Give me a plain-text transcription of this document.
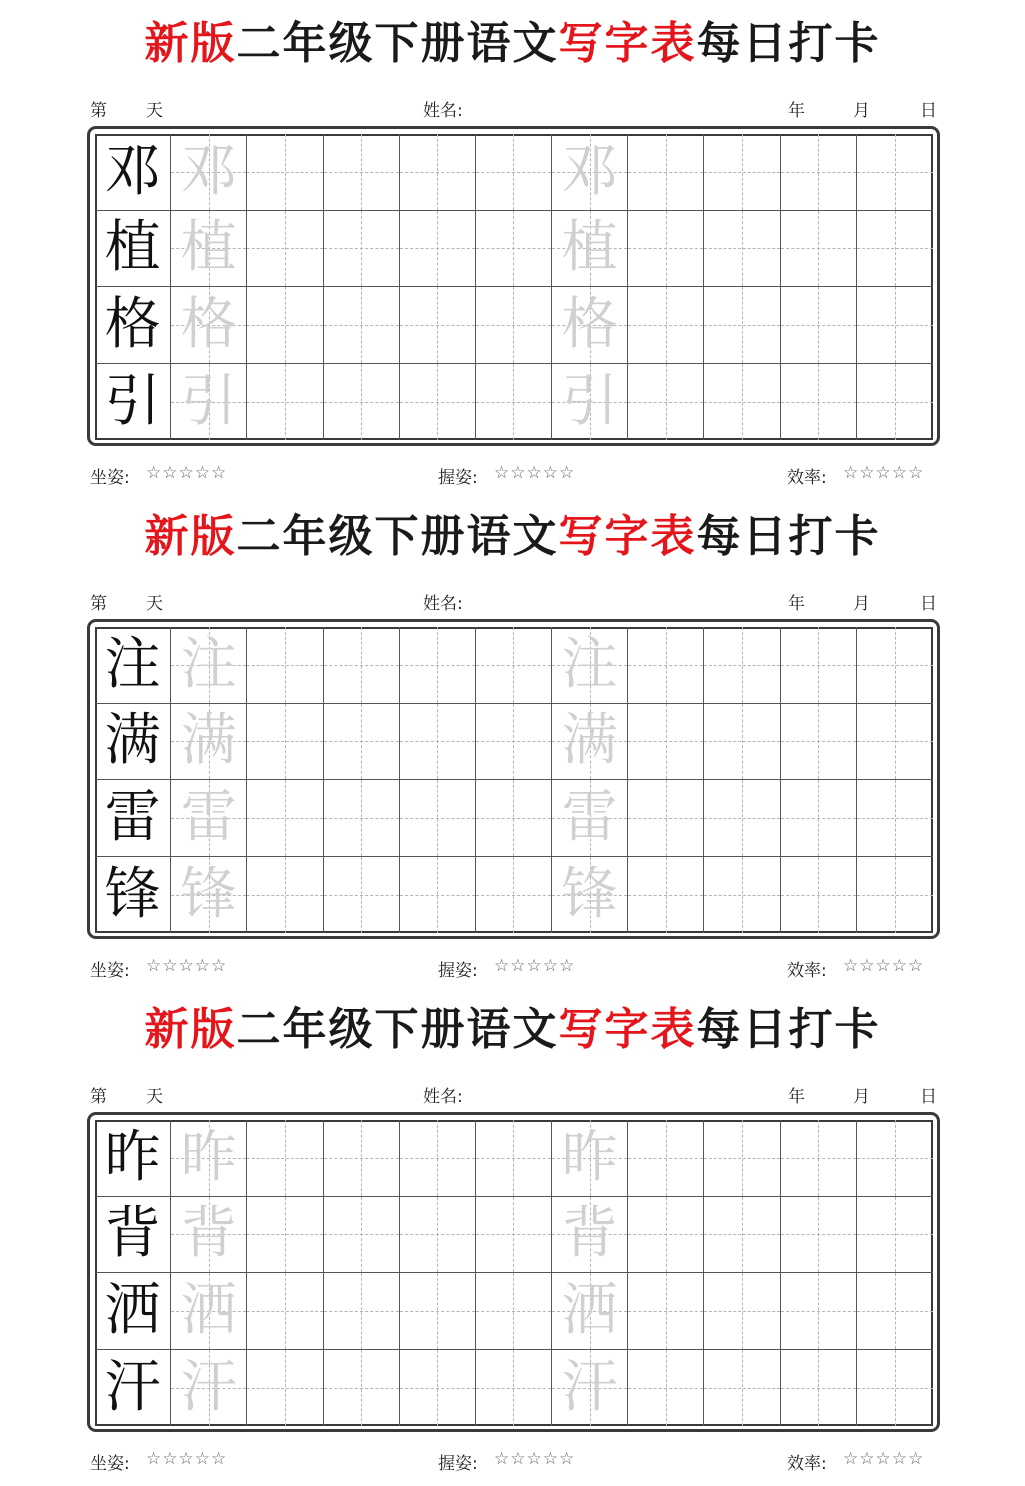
新版二年级下册语文写字表每日打卡
第 天	姓名:	年	月	日
邓 邓	邓
植 植	植
格 格	格
引 引	引
坐姿: ☆☆☆☆☆	握姿: ☆☆☆☆☆	效率: ☆☆☆☆☆
新版二年级下册语文写字表每日打卡
第 天	姓名:	年	月	日
注 注	注
满 满	满
雷 雷	雷
锋 锋	锋
坐姿: ☆☆☆☆☆	握姿: ☆☆☆☆☆	效率: ☆☆☆☆☆
新版二年级下册语文写字表每日打卡
第 天	姓名:	年	月	日
昨 昨	昨
背 背	背
洒 洒	洒
汗 汗	汗
坐姿: ☆☆☆☆☆	握姿: ☆☆☆☆☆	效率: ☆☆☆☆☆
